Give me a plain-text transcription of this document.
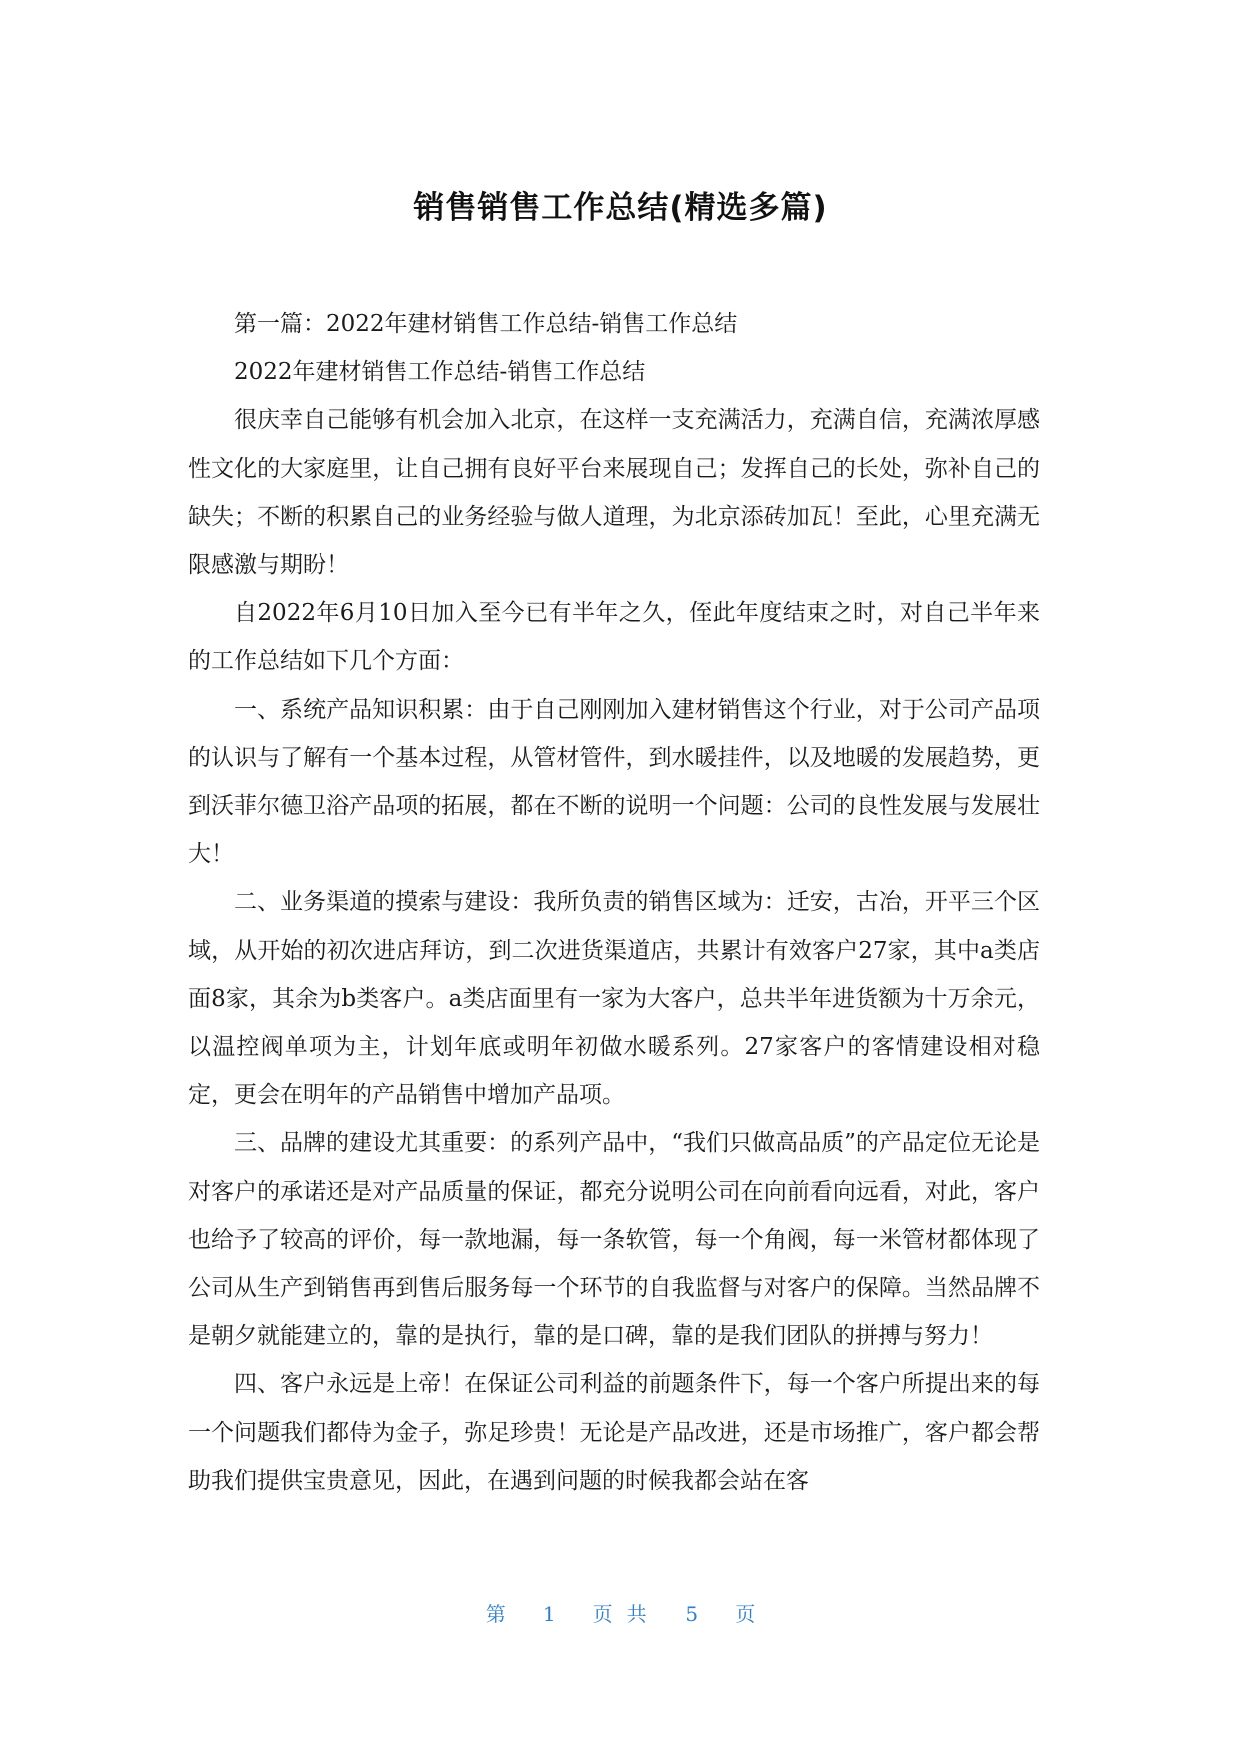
销售销售工作总结(精选多篇)

第一篇：2022年建材销售工作总结-销售工作总结

2022年建材销售工作总结-销售工作总结

很庆幸自己能够有机会加入北京，在这样一支充满活力，充满自信，充满浓厚感性文化的大家庭里，让自己拥有良好平台来展现自己；发挥自己的长处，弥补自己的缺失；不断的积累自己的业务经验与做人道理，为北京添砖加瓦！至此，心里充满无限感激与期盼！

自2022年6月10日加入至今已有半年之久，侄此年度结束之时，对自己半年来的工作总结如下几个方面：

一、系统产品知识积累：由于自己刚刚加入建材销售这个行业，对于公司产品项的认识与了解有一个基本过程，从管材管件，到水暖挂件，以及地暖的发展趋势，更到沃菲尔德卫浴产品项的拓展，都在不断的说明一个问题：公司的良性发展与发展壮大！

二、业务渠道的摸索与建设：我所负责的销售区域为：迁安，古冶，开平三个区域，从开始的初次进店拜访，到二次进货渠道店，共累计有效客户27家，其中a类店面8家，其余为b类客户。a类店面里有一家为大客户，总共半年进货额为十万余元，以温控阀单项为主，计划年底或明年初做水暖系列。27家客户的客情建设相对稳定，更会在明年的产品销售中增加产品项。

三、品牌的建设尤其重要：的系列产品中，“我们只做高品质”的产品定位无论是对客户的承诺还是对产品质量的保证，都充分说明公司在向前看向远看，对此，客户也给予了较高的评价，每一款地漏，每一条软管，每一个角阀，每一米管材都体现了公司从生产到销售再到售后服务每一个环节的自我监督与对客户的保障。当然品牌不是朝夕就能建立的，靠的是执行，靠的是口碑，靠的是我们团队的拼搏与努力！

四、客户永远是上帝！在保证公司利益的前题条件下，每一个客户所提出来的每一个问题我们都侍为金子，弥足珍贵！无论是产品改进，还是市场推广，客户都会帮助我们提供宝贵意见，因此，在遇到问题的时候我都会站在客

第 1 页共 5 页
